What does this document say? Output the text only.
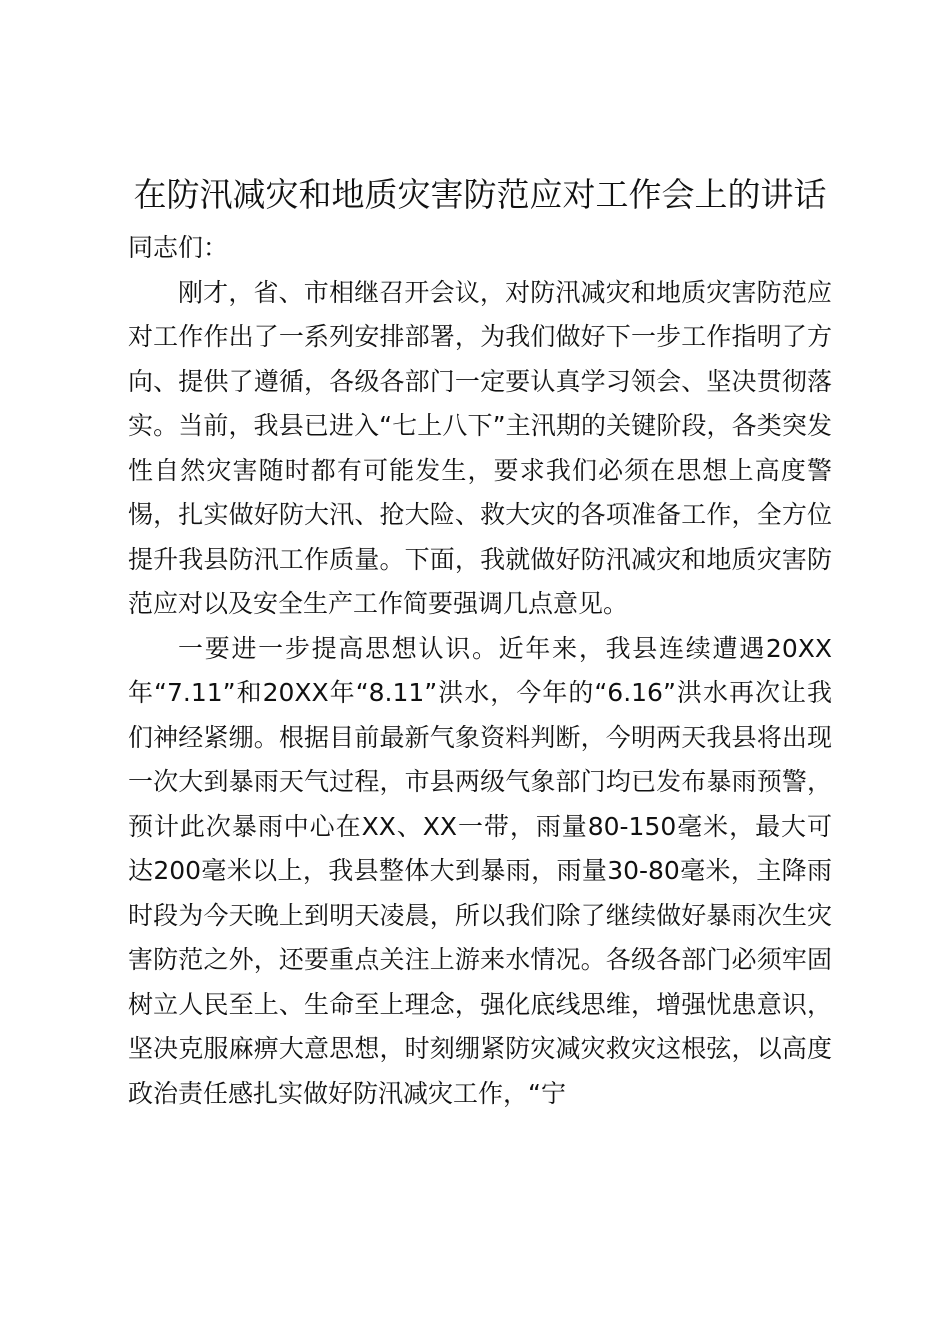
在防汛减灾和地质灾害防范应对工作会上的讲话

同志们：

刚才，省、市相继召开会议，对防汛减灾和地质灾害防范应对工作作出了一系列安排部署，为我们做好下一步工作指明了方向、提供了遵循，各级各部门一定要认真学习领会、坚决贯彻落实。当前，我县已进入“七上八下”主汛期的关键阶段，各类突发性自然灾害随时都有可能发生，要求我们必须在思想上高度警惕，扎实做好防大汛、抢大险、救大灾的各项准备工作，全方位提升我县防汛工作质量。下面，我就做好防汛减灾和地质灾害防范应对以及安全生产工作简要强调几点意见。

一要进一步提高思想认识。近年来，我县连续遭遇20XX年“7.11”和20XX年“8.11”洪水，今年的“6.16”洪水再次让我们神经紧绷。根据目前最新气象资料判断，今明两天我县将出现一次大到暴雨天气过程，市县两级气象部门均已发布暴雨预警，预计此次暴雨中心在XX、XX一带，雨量80-150毫米，最大可达200毫米以上，我县整体大到暴雨，雨量30-80毫米，主降雨时段为今天晚上到明天凌晨，所以我们除了继续做好暴雨次生灾害防范之外，还要重点关注上游来水情况。各级各部门必须牢固树立人民至上、生命至上理念，强化底线思维，增强忧患意识，坚决克服麻痹大意思想，时刻绷紧防灾减灾救灾这根弦，以高度政治责任感扎实做好防汛减灾工作，“宁
